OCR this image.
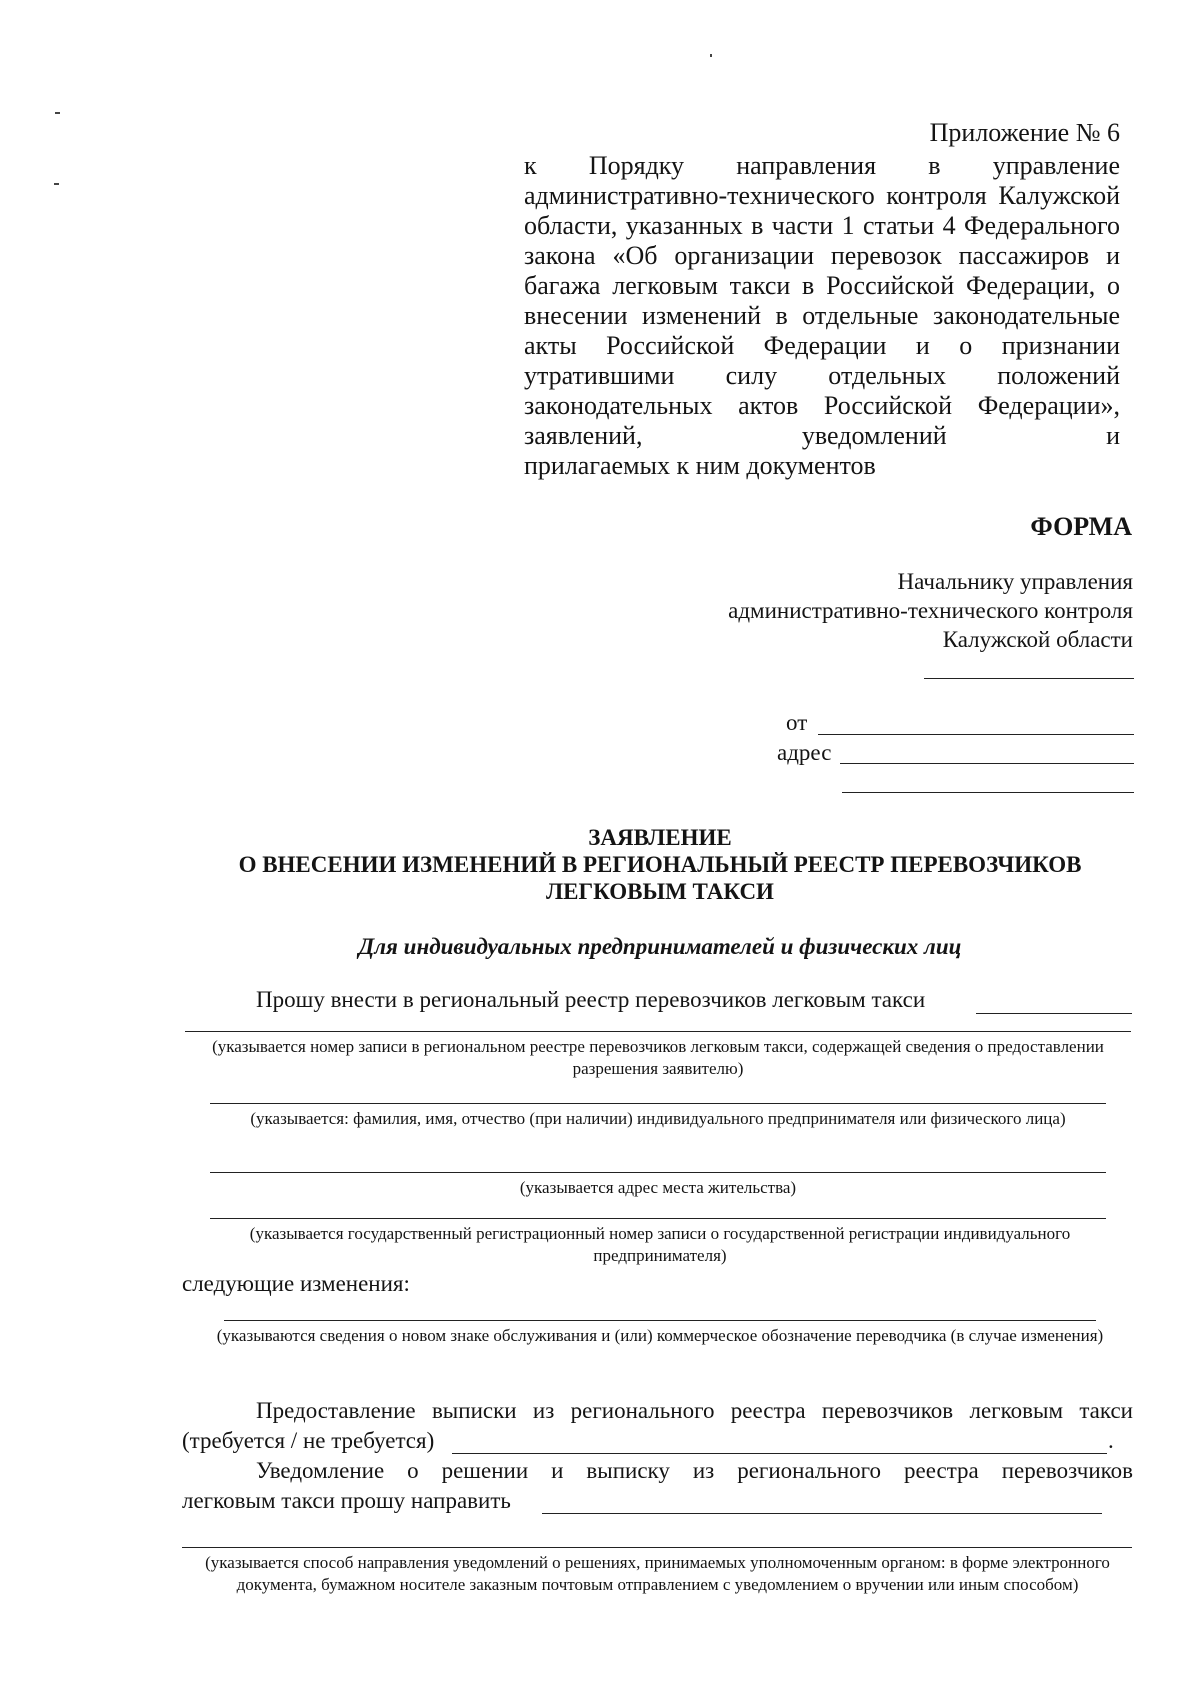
Приложение № 6
к Порядку направления в управление административно-технического контроля Калужской области, указанных в части 1 статьи 4 Федерального закона «Об организации перевозок пассажиров и багажа легковым такси в Российской Федерации, о внесении изменений в отдельные законодательные акты Российской Федерации и о признании утратившими силу отдельных положений законодательных актов Российской Федерации», заявлений, уведомлений и
прилагаемых к ним документов
ФОРМА
Начальнику управления
административно-технического контроля
Калужской области
от
адрес
ЗАЯВЛЕНИЕ
О ВНЕСЕНИИ ИЗМЕНЕНИЙ В РЕГИОНАЛЬНЫЙ РЕЕСТР ПЕРЕВОЗЧИКОВ
ЛЕГКОВЫМ ТАКСИ
Для индивидуальных предпринимателей и физических лиц
Прошу внести в региональный реестр перевозчиков легковым такси
(указывается номер записи в региональном реестре перевозчиков легковым такси, содержащей сведения о предоставлении разрешения заявителю)
(указывается: фамилия, имя, отчество (при наличии) индивидуального предпринимателя или физического лица)
(указывается адрес места жительства)
(указывается государственный регистрационный номер записи о государственной регистрации индивидуального предпринимателя)
следующие изменения:
(указываются сведения о новом знаке обслуживания и (или) коммерческое обозначение переводчика (в случае изменения)
Предоставление выписки из регионального реестра перевозчиков легковым такси
(требуется / не требуется)	.
Уведомление о решении и выписку из регионального реестра перевозчиков
легковым такси прошу направить
(указывается способ направления уведомлений о решениях, принимаемых уполномоченным органом: в форме электронного документа, бумажном носителе заказным почтовым отправлением с уведомлением о вручении или иным способом)
